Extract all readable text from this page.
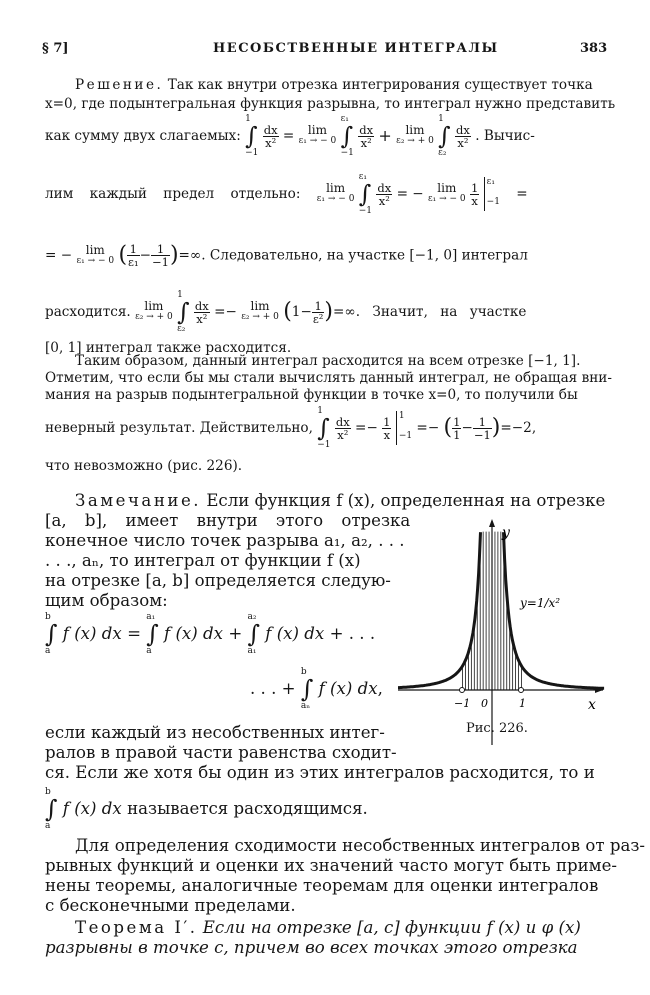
§ 7]	НЕСОБСТВЕННЫЕ ИНТЕГРАЛЫ	383
Решение. Так как внутри отрезка интегрирования существует точка
x=0, где подынтегральная функция разрывна, то интеграл нужно представить
как сумму двух слагаемых: 1
∫
−1
$\frac{dx}{\text{x²}} = \lim$
ε₁ → − 0
ε₁
∫
−1
$\frac{dx}{\text{x²}} + \lim$
ε₂ → + 0
1
∫
ε₂
$\frac{dx}{\text{x²}}$ . Вычис-
лим каждый предел отдельно: lim
ε₁ → − 0
ε₁
∫
−1
$\frac{dx}{\text{x²}}$ = − lim
ε₁ → − 0
$\frac{1}{x}$
ε₁
−1 =
= − lim
ε₁ → − 0 ( $\frac{1}{\text{ε₁}} - \frac{1}{-1}$ )=∞. Следовательно, на участке [−1, 0] интеграл
расходится. lim
ε₂ → + 0
1
∫
ε₂
$\frac{dx}{\text{x²}} =- \lim$
ε₂ → + 0 ($1- \frac{1}{\text{ε²}}$ )=∞. Значит, на участке
[0, 1] интеграл также расходится.
Таким образом, данный интеграл расходится на всем отрезке [−1, 1].
Отметим, что если бы мы стали вычислять данный интеграл, не обращая вни-
мания на разрыв подынтегральной функции в точке x=0, то получили бы
неверный результат. Действительно, 1
∫
−1
$\frac{dx}{\text{x²}} =- \frac{1}{x}$
1
−1 =− ( $\frac{1}{1} - \frac{1}{-1} )=-2$,
что невозможно (рис. 226).
Замечание. Если функция f (x), определенная на отрезке
[a, b], имеет внутри этого отрезка
конечное число точек разрыва a₁, a₂, . . .
. . ., aₙ, то интеграл от функции f (x)
на отрезке [a, b] определяется следую-
щим образом:
b
∫
a f (x) dx = a₁
∫
a f (x) dx + a₂
∫
a₁ f (x) dx + . . .
. . . + b
∫
aₙ f (x) dx,
если каждый из несобственных интег-
ралов в правой части равенства сходит-
ся. Если же хотя бы один из этих интегралов расходится, то и
b
∫
a f (x) dx называется расходящимся.
Для определения сходимости несобственных интегралов от раз-
рывных функций и оценки их значений часто могут быть приме-
нены теоремы, аналогичные теоремам для оценки интегралов
с бесконечными пределами.
Теорема I′. Если на отрезке [a, c] функции f (x) и φ (x)
разрывны в точке c, причем во всех точках этого отрезка
y
x
y=1/x²
−1 0	1
Рис. 226.
